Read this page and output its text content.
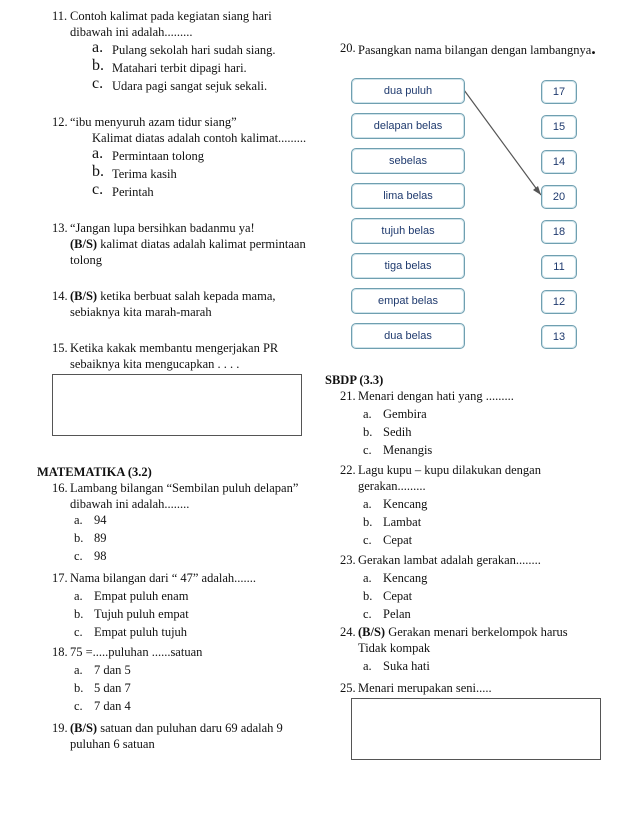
11. Contoh kalimat pada kegiatan siang hari
dibawah ini adalah.........
a. Pulang sekolah hari sudah siang.
b. Matahari terbit dipagi hari.
c. Udara pagi sangat sejuk sekali.
12. “ibu menyuruh azam tidur siang”
Kalimat diatas adalah contoh kalimat.........
a. Permintaan tolong
b. Terima kasih
c. Perintah
13. “Jangan lupa bersihkan badanmu ya!
(B/S) kalimat diatas adalah kalimat permintaan
tolong
14. (B/S) ketika berbuat salah kepada mama,
sebiaknya kita marah-marah
15. Ketika kakak membantu mengerjakan PR
sebaiknya kita mengucapkan . . . .
MATEMATIKA (3.2)
16. Lambang bilangan “Sembilan puluh delapan”
dibawah ini adalah........
a. 94
b. 89
c. 98
17. Nama bilangan dari “ 47” adalah.......
a. Empat puluh enam
b. Tujuh puluh empat
c. Empat puluh tujuh
18. 75 =.....puluhan ......satuan
a. 7 dan 5
b. 5 dan 7
c. 7 dan 4
19. (B/S) satuan dan puluhan daru 69 adalah 9
puluhan 6 satuan
20. Pasangkan nama bilangan dengan lambangnya.
dua puluh
delapan belas
sebelas
lima belas
tujuh belas
tiga belas
empat belas
dua belas
17
15
14
20
18
11
12
13
SBDP (3.3)
21. Menari dengan hati yang .........
a. Gembira
b. Sedih
c. Menangis
22. Lagu kupu – kupu dilakukan dengan
gerakan.........
a. Kencang
b. Lambat
c. Cepat
23. Gerakan lambat adalah gerakan........
a. Kencang
b. Cepat
c. Pelan
24. (B/S) Gerakan menari berkelompok harus
Tidak kompak
a. Suka hati
25. Menari merupakan seni.....
